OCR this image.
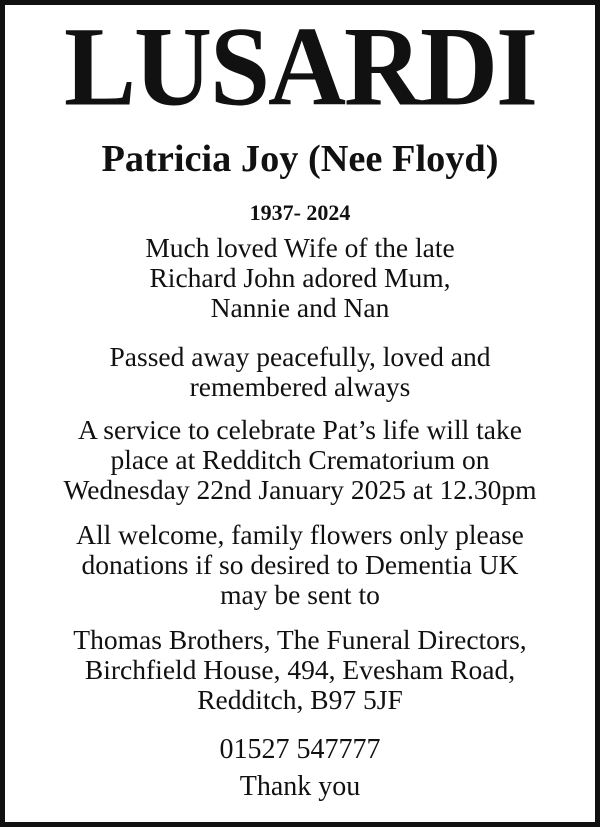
LUSARDI
Patricia Joy (Nee Floyd)
1937- 2024
Much loved Wife of the late
Richard John adored Mum,
Nannie and Nan
Passed away peacefully, loved and
remembered always
A service to celebrate Pat’s life will take
place at Redditch Crematorium on
Wednesday 22nd January 2025 at 12.30pm
All welcome, family flowers only please
donations if so desired to Dementia UK
may be sent to
Thomas Brothers, The Funeral Directors,
Birchfield House, 494, Evesham Road,
Redditch, B97 5JF
01527 547777
Thank you
